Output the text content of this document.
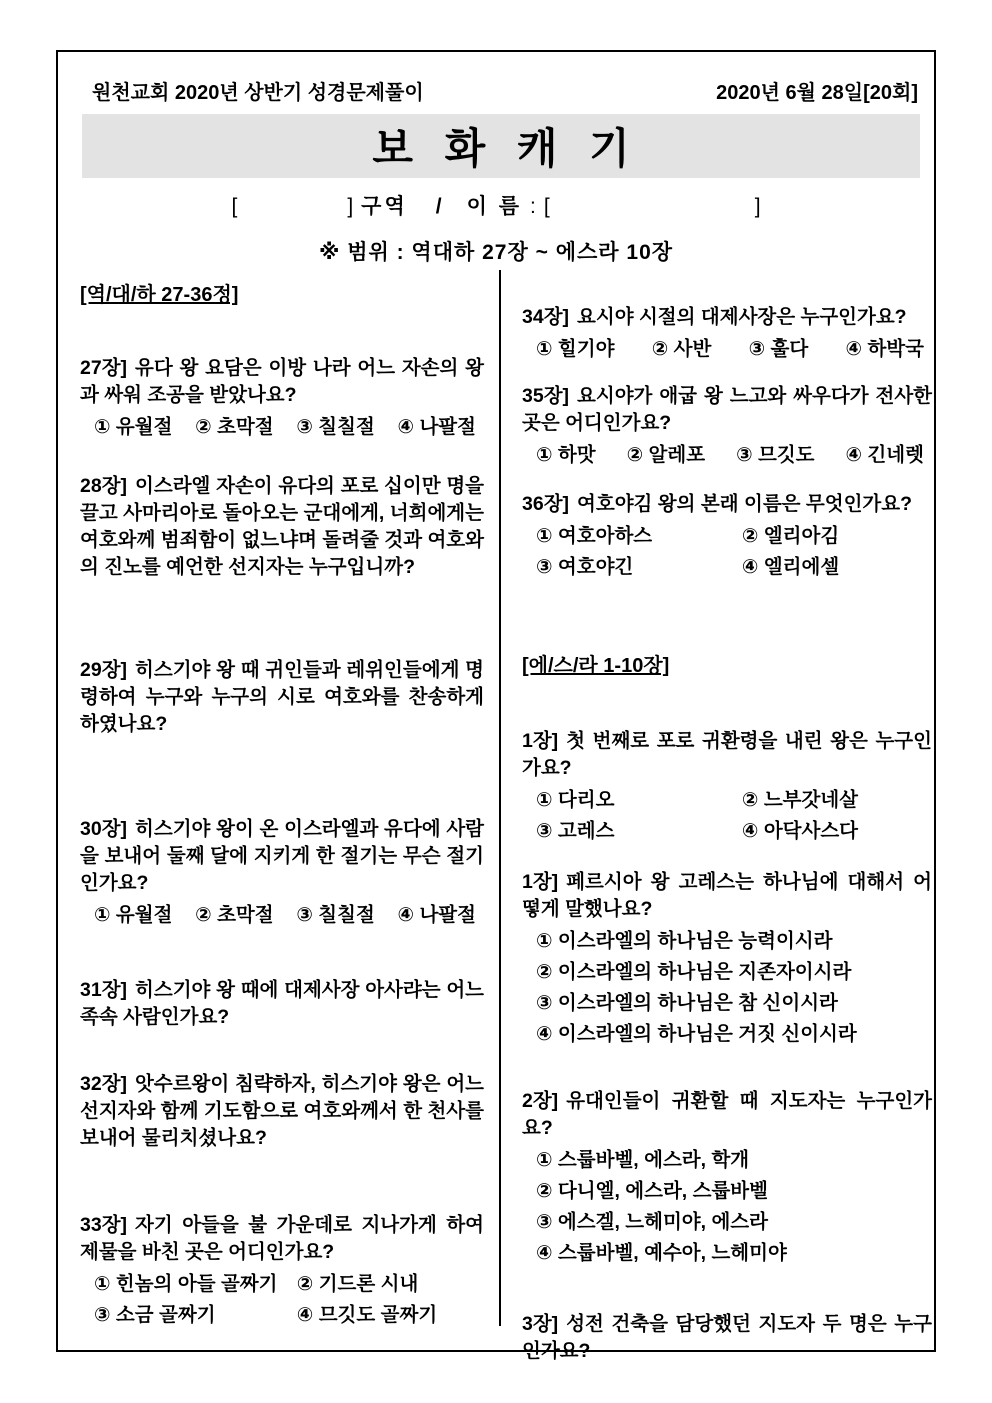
원천교회 2020년 상반기 성경문제풀이	2020년 6월 28일[20회]
보 화 캐 기
[	] 구역 / 이 름 : [	]
※ 범위 : 역대하 27장 ~ 에스라 10장
[역/대/하 27-36정]

27장] 유다 왕 요담은 이방 나라 어느 자손의 왕과 싸워 조공을 받았나요?

① 유월절 ② 초막절 ③ 칠칠절 ④ 나팔절

28장] 이스라엘 자손이 유다의 포로 십이만 명을 끌고 사마리아로 돌아오는 군대에게, 너희에게는 여호와께 범죄함이 없느냐며 돌려줄 것과 여호와의 진노를 예언한 선지자는 누구입니까?

29장] 히스기야 왕 때 귀인들과 레위인들에게 명령하여 누구와 누구의 시로 여호와를 찬송하게 하였나요?

30장] 히스기야 왕이 온 이스라엘과 유다에 사람을 보내어 둘째 달에 지키게 한 절기는 무슨 절기인가요?

① 유월절 ② 초막절 ③ 칠칠절 ④ 나팔절

31장] 히스기야 왕 때에 대제사장 아사랴는 어느 족속 사람인가요?

32장] 앗수르왕이 침략하자, 히스기야 왕은 어느 선지자와 함께 기도함으로 여호와께서 한 천사를 보내어 물리치셨나요?

33장] 자기 아들을 불 가운데로 지나가게 하여 제물을 바친 곳은 어디인가요?

① 힌놈의 아들 골짜기 ② 기드론 시내
③ 소금 골짜기	④ 므깃도 골짜기

34장] 요시야 시절의 대제사장은 누구인가요?

① 힐기야 ② 사반 ③ 훌다 ④ 하박국

35장] 요시야가 애굽 왕 느고와 싸우다가 전사한 곳은 어디인가요?

① 하맛 ② 알레포 ③ 므깃도 ④ 긴네렛

36장] 여호야김 왕의 본래 이름은 무엇인가요?

① 여호아하스	② 엘리아김
③ 여호야긴	④ 엘리에셀
[에/스/라 1-10장]

1장] 첫 번째로 포로 귀환령을 내린 왕은 누구인가요?

① 다리오	② 느부갓네살
③ 고레스	④ 아닥사스다

1장] 페르시아 왕 고레스는 하나님에 대해서 어떻게 말했나요?

① 이스라엘의 하나님은 능력이시라
② 이스라엘의 하나님은 지존자이시라
③ 이스라엘의 하나님은 참 신이시라
④ 이스라엘의 하나님은 거짓 신이시라

2장] 유대인들이 귀환할 때 지도자는 누구인가요?

① 스룹바벨, 에스라, 학개
② 다니엘, 에스라, 스룹바벨
③ 에스겔, 느헤미야, 에스라
④ 스룹바벨, 예수아, 느헤미야

3장] 성전 건축을 담당했던 지도자 두 명은 누구인가요?
